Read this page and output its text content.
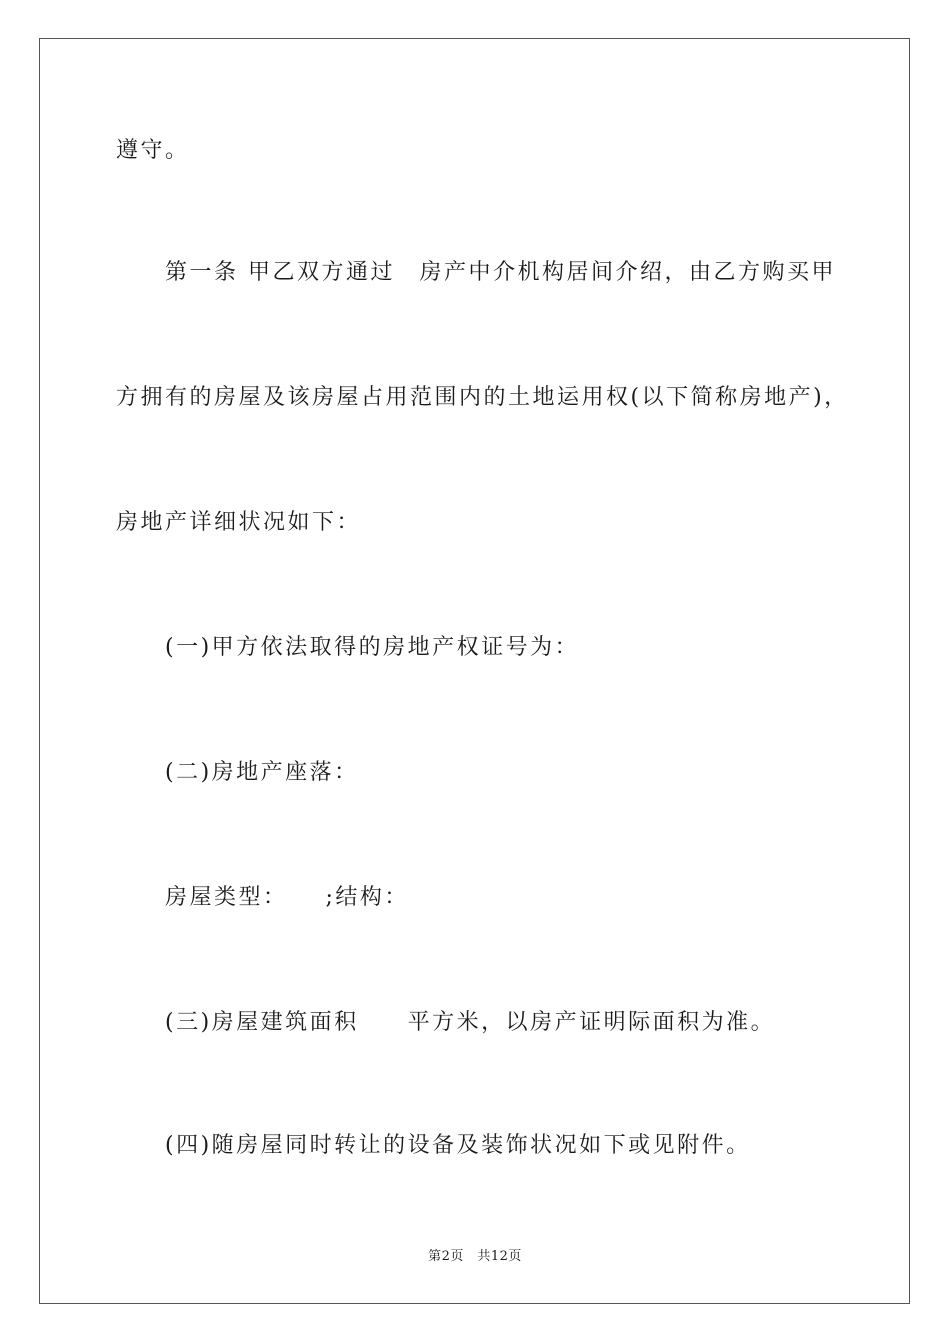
遵守。
第一条 甲乙双方通过　房产中介机构居间介绍，由乙方购买甲
方拥有的房屋及该房屋占用范围内的土地运用权(以下简称房地产)，
房地产详细状况如下：
(一)甲方依法取得的房地产权证号为：
(二)房地产座落：
房屋类型：　　;结构：
(三)房屋建筑面积　　平方米，以房产证明际面积为准。
(四)随房屋同时转让的设备及装饰状况如下或见附件。
第2页　共12页
